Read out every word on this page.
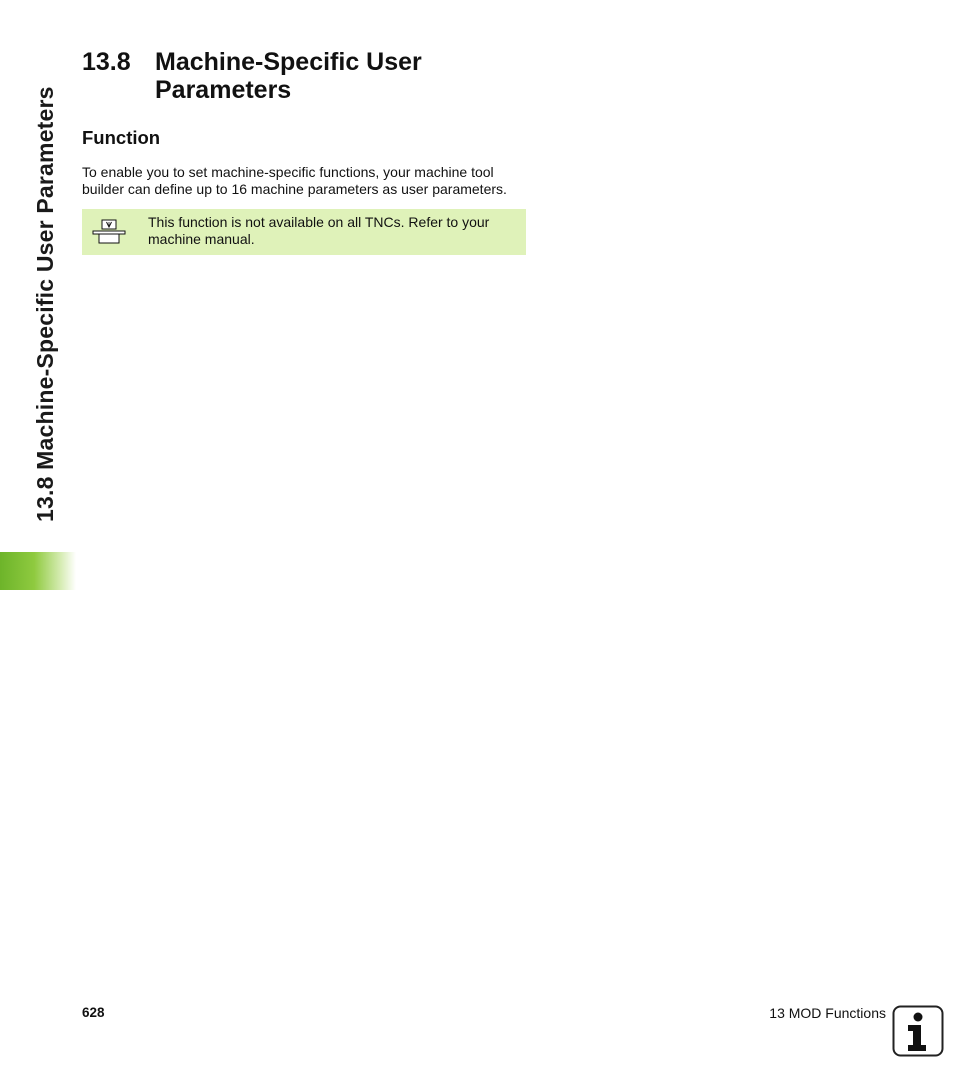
13.8 Machine-Specific User Parameters
13.8 Machine-Specific User Parameters
Function
To enable you to set machine-specific functions, your machine tool builder can define up to 16 machine parameters as user parameters.
This function is not available on all TNCs. Refer to your machine manual.
628	13 MOD Functions
